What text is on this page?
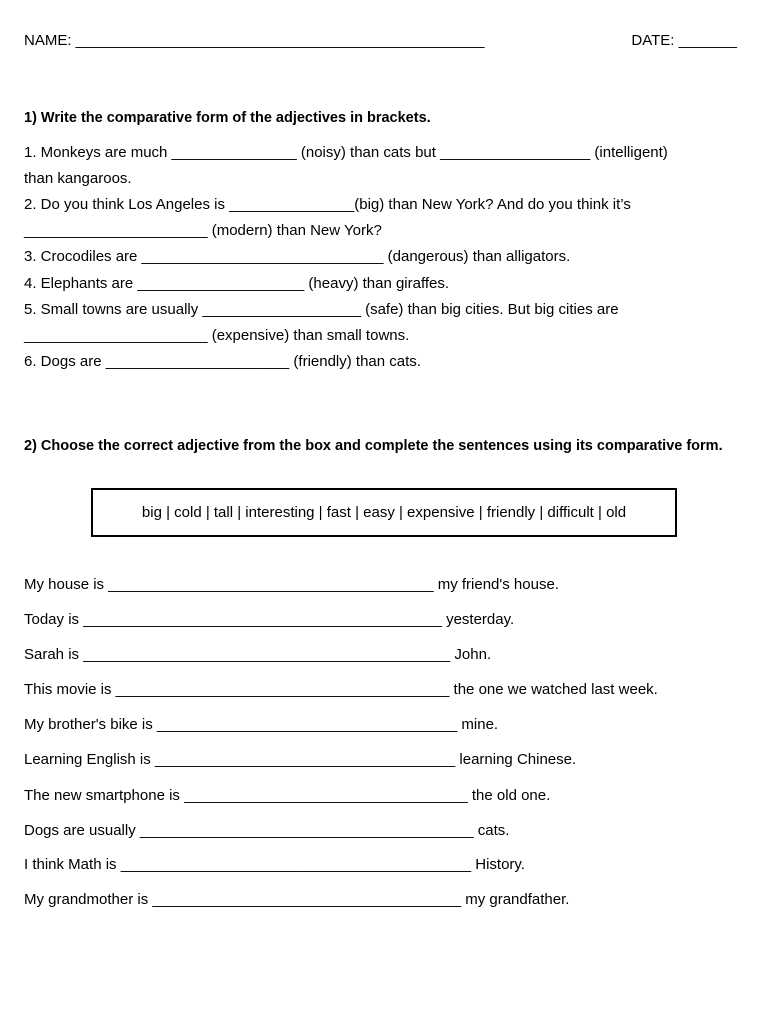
NAME: _________________________________________________	DATE: _______
1) Write the comparative form of the adjectives in brackets.
1. Monkeys are much _______________ (noisy) than cats but __________________ (intelligent)
than kangaroos.
2. Do you think Los Angeles is _______________(big) than New York? And do you think it’s
______________________ (modern) than New York?
3. Crocodiles are _____________________________ (dangerous) than alligators.
4. Elephants are ____________________ (heavy) than giraffes.
5. Small towns are usually ___________________ (safe) than big cities. But big cities are
______________________ (expensive) than small towns.
6. Dogs are ______________________ (friendly) than cats.
2) Choose the correct adjective from the box and complete the sentences using its comparative form.
big | cold | tall | interesting | fast | easy | expensive | friendly | difficult | old
My house is _______________________________________ my friend's house.
Today is ___________________________________________ yesterday.
Sarah is ____________________________________________ John.
This movie is ________________________________________ the one we watched last week.
My brother's bike is ____________________________________ mine.
Learning English is ____________________________________ learning Chinese.
The new smartphone is __________________________________ the old one.
Dogs are usually ________________________________________ cats.
I think Math is __________________________________________ History.
My grandmother is _____________________________________ my grandfather.
